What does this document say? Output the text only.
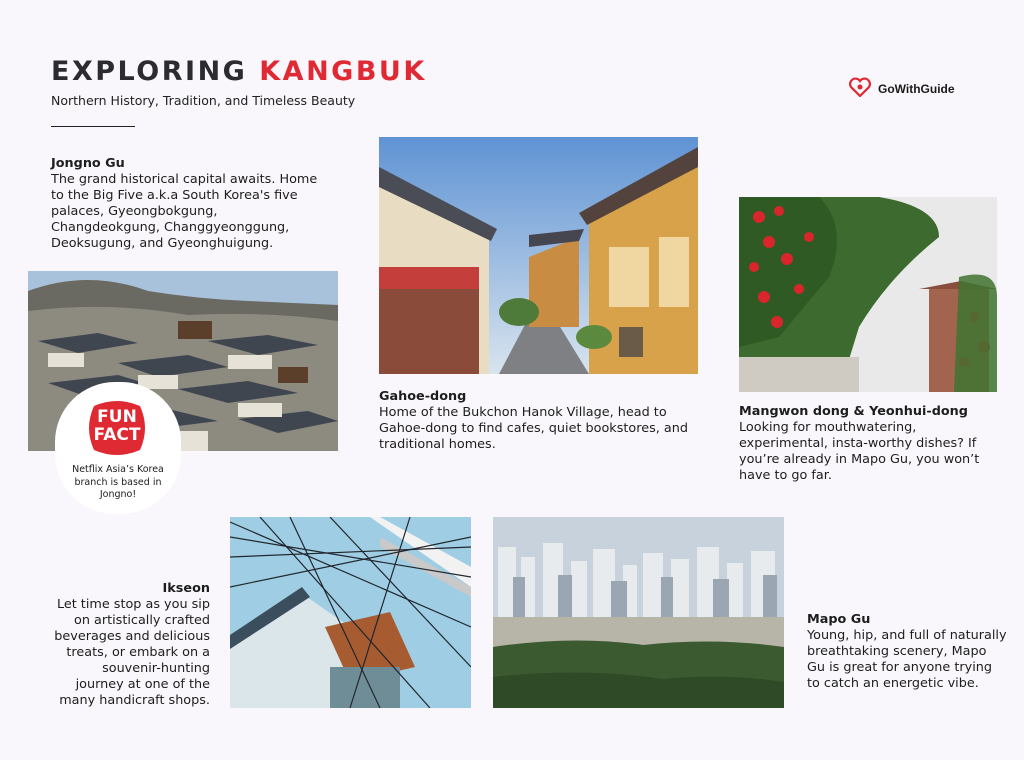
EXPLORING KANGBUK
Northern History, Tradition, and Timeless Beauty
GoWithGuide
Jongno Gu
The grand historical capital awaits. Home to the Big Five a.k.a South Korea's five palaces, Gyeongbokgung, Changdeokgung, Changgyeonggung, Deoksugung, and Gyeonghuigung.
FUN
FACT
Netflix Asia’s Korea branch is based in Jongno!
Gahoe-dong
Home of the Bukchon Hanok Village, head to Gahoe-dong to find cafes, quiet bookstores, and traditional homes.
Mangwon dong & Yeonhui-dong
Looking for mouthwatering, experimental, insta-worthy dishes? If you’re already in Mapo Gu, you won’t have to go far.
Ikseon
Let time stop as you sip on artistically crafted beverages and delicious treats, or embark on a souvenir-hunting journey at one of the many handicraft shops.
Mapo Gu
Young, hip, and full of naturally breathtaking scenery, Mapo Gu is great for anyone trying to catch an energetic vibe.
